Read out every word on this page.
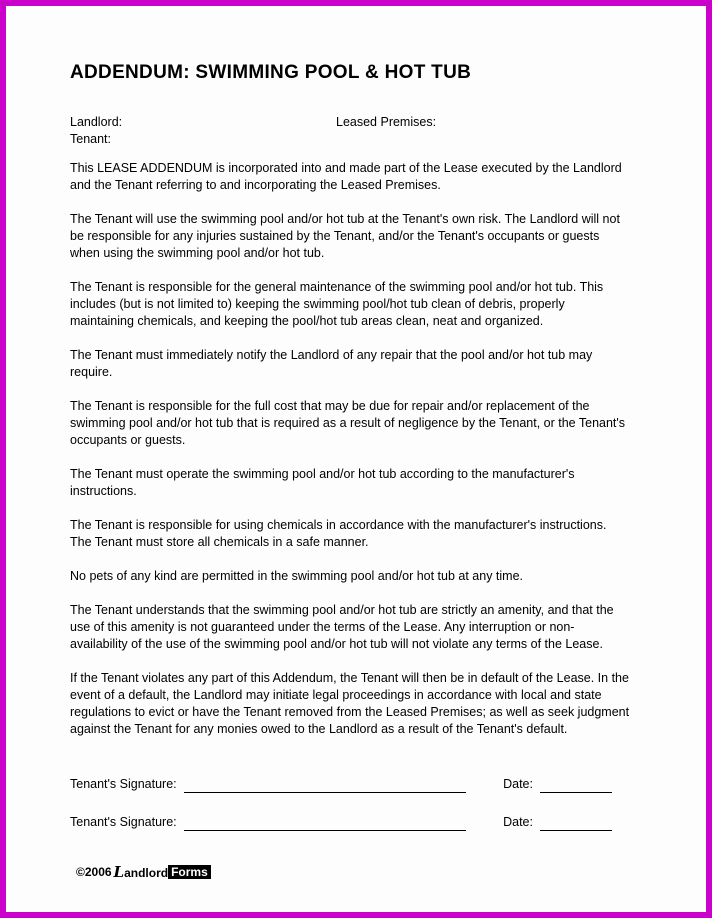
ADDENDUM: SWIMMING POOL & HOT TUB
Landlord:	Leased Premises:
Tenant:

This LEASE ADDENDUM is incorporated into and made part of the Lease executed by the Landlord and the Tenant referring to and incorporating the Leased Premises.

The Tenant will use the swimming pool and/or hot tub at the Tenant's own risk. The Landlord will not be responsible for any injuries sustained by the Tenant, and/or the Tenant's occupants or guests when using the swimming pool and/or hot tub.

The Tenant is responsible for the general maintenance of the swimming pool and/or hot tub. This includes (but is not limited to) keeping the swimming pool/hot tub clean of debris, properly maintaining chemicals, and keeping the pool/hot tub areas clean, neat and organized.

The Tenant must immediately notify the Landlord of any repair that the pool and/or hot tub may require.

The Tenant is responsible for the full cost that may be due for repair and/or replacement of the swimming pool and/or hot tub that is required as a result of negligence by the Tenant, or the Tenant's occupants or guests.

The Tenant must operate the swimming pool and/or hot tub according to the manufacturer's instructions.

The Tenant is responsible for using chemicals in accordance with the manufacturer's instructions. The Tenant must store all chemicals in a safe manner.

No pets of any kind are permitted in the swimming pool and/or hot tub at any time.

The Tenant understands that the swimming pool and/or hot tub are strictly an amenity, and that the use of this amenity is not guaranteed under the terms of the Lease. Any interruption or non-availability of the use of the swimming pool and/or hot tub will not violate any terms of the Lease.

If the Tenant violates any part of this Addendum, the Tenant will then be in default of the Lease. In the event of a default, the Landlord may initiate legal proceedings in accordance with local and state regulations to evict or have the Tenant removed from the Leased Premises; as well as seek judgment against the Tenant for any monies owed to the Landlord as a result of the Tenant's default.

Tenant's Signature:	Date:
Tenant's Signature:	Date:
©2006 Landlord Forms
